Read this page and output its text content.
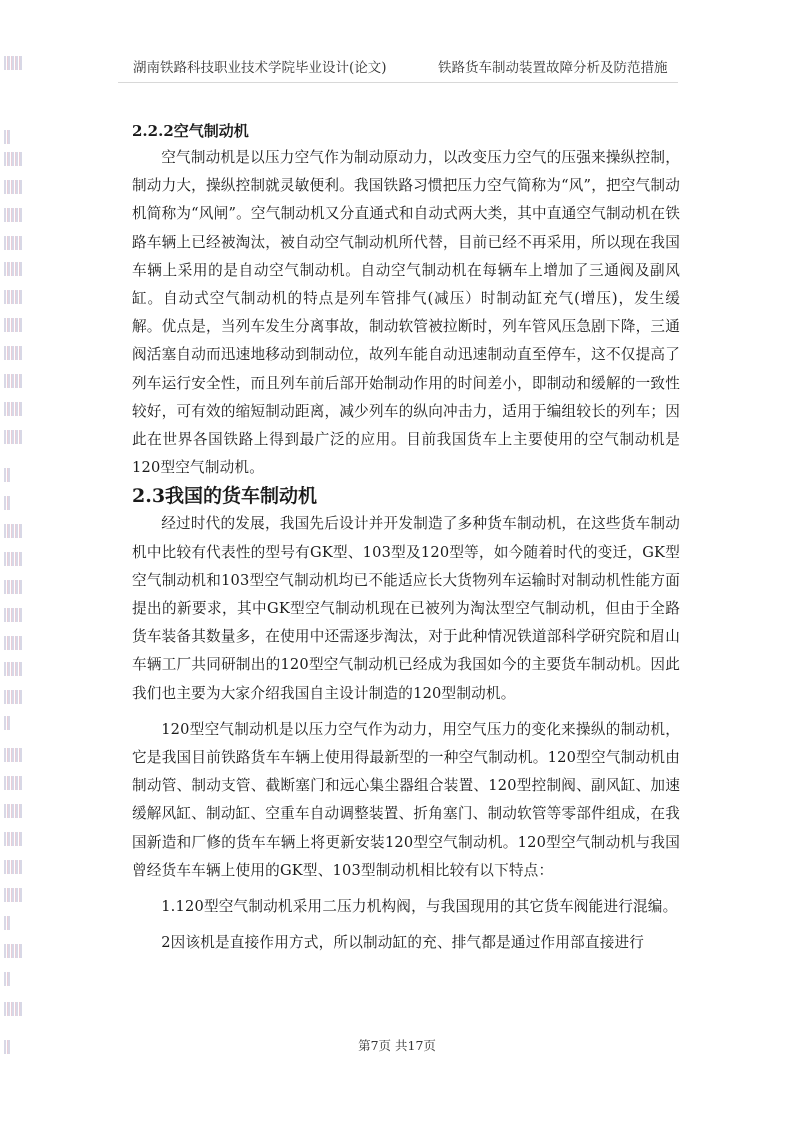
湖南铁路科技职业技术学院毕业设计(论文)	铁路货车制动装置故障分析及防范措施

2.2.2空气制动机

空气制动机是以压力空气作为制动原动力，以改变压力空气的压强来操纵控制，制动力大，操纵控制就灵敏便利。我国铁路习惯把压力空气简称为“风”，把空气制动机简称为“风闸”。空气制动机又分直通式和自动式两大类，其中直通空气制动机在铁路车辆上已经被淘汰，被自动空气制动机所代替，目前已经不再采用，所以现在我国车辆上采用的是自动空气制动机。自动空气制动机在每辆车上增加了三通阀及副风缸。自动式空气制动机的特点是列车管排气(减压）时制动缸充气(增压)，发生缓解。优点是，当列车发生分离事故，制动软管被拉断时，列车管风压急剧下降，三通阀活塞自动而迅速地移动到制动位，故列车能自动迅速制动直至停车，这不仅提高了列车运行安全性，而且列车前后部开始制动作用的时间差小，即制动和缓解的一致性较好，可有效的缩短制动距离，减少列车的纵向冲击力，适用于编组较长的列车；因此在世界各国铁路上得到最广泛的应用。目前我国货车上主要使用的空气制动机是120型空气制动机。

2.3我国的货车制动机

经过时代的发展，我国先后设计并开发制造了多种货车制动机，在这些货车制动机中比较有代表性的型号有GK型、103型及120型等，如今随着时代的变迁，GK型空气制动机和103型空气制动机均已不能适应长大货物列车运输时对制动机性能方面提出的新要求，其中GK型空气制动机现在已被列为淘汰型空气制动机，但由于全路货车装备其数量多，在使用中还需逐步淘汰，对于此种情况铁道部科学研究院和眉山车辆工厂共同研制出的120型空气制动机已经成为我国如今的主要货车制动机。因此我们也主要为大家介绍我国自主设计制造的120型制动机。

120型空气制动机是以压力空气作为动力，用空气压力的变化来操纵的制动机，它是我国目前铁路货车车辆上使用得最新型的一种空气制动机。120型空气制动机由制动管、制动支管、截断塞门和远心集尘器组合装置、120型控制阀、副风缸、加速缓解风缸、制动缸、空重车自动调整装置、折角塞门、制动软管等零部件组成，在我国新造和厂修的货车车辆上将更新安装120型空气制动机。120型空气制动机与我国曾经货车车辆上使用的GK型、103型制动机相比较有以下特点：

1.120型空气制动机采用二压力机构阀，与我国现用的其它货车阀能进行混编。

2因该机是直接作用方式，所以制动缸的充、排气都是通过作用部直接进行

第7页 共17页
